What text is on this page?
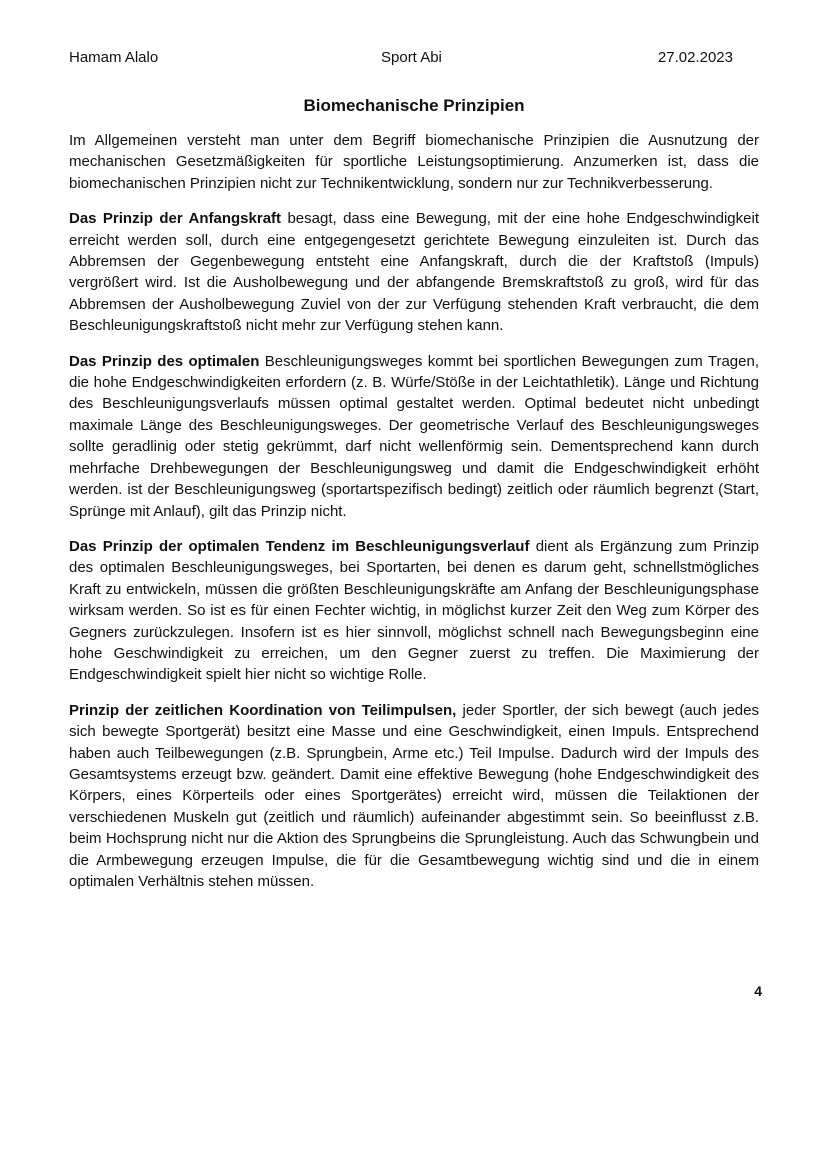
Hamam Alalo	Sport Abi	27.02.2023
Biomechanische Prinzipien

Im Allgemeinen versteht man unter dem Begriff biomechanische Prinzipien die Ausnutzung der mechanischen Gesetzmäßigkeiten für sportliche Leistungsoptimierung. Anzumerken ist, dass die biomechanischen Prinzipien nicht zur Technikentwicklung, sondern nur zur Technikverbesserung.

Das Prinzip der Anfangskraft besagt, dass eine Bewegung, mit der eine hohe Endgeschwindigkeit erreicht werden soll, durch eine entgegengesetzt gerichtete Bewegung einzuleiten ist. Durch das Abbremsen der Gegenbewegung entsteht eine Anfangskraft, durch die der Kraftstoß (Impuls) vergrößert wird. Ist die Ausholbewegung und der abfangende Bremskraftstoß zu groß, wird für das Abbremsen der Ausholbewegung Zuviel von der zur Verfügung stehenden Kraft verbraucht, die dem Beschleunigungskraftstoß nicht mehr zur Verfügung stehen kann.

Das Prinzip des optimalen Beschleunigungsweges kommt bei sportlichen Bewegungen zum Tragen, die hohe Endgeschwindigkeiten erfordern (z. B. Würfe/Stöße in der Leichtathletik). Länge und Richtung des Beschleunigungsverlaufs müssen optimal gestaltet werden. Optimal bedeutet nicht unbedingt maximale Länge des Beschleunigungsweges. Der geometrische Verlauf des Beschleunigungsweges sollte geradlinig oder stetig gekrümmt, darf nicht wellenförmig sein. Dementsprechend kann durch mehrfache Drehbewegungen der Beschleunigungsweg und damit die Endgeschwindigkeit erhöht werden. ist der Beschleunigungsweg (sportartspezifisch bedingt) zeitlich oder räumlich begrenzt (Start, Sprünge mit Anlauf), gilt das Prinzip nicht.

Das Prinzip der optimalen Tendenz im Beschleunigungsverlauf dient als Ergänzung zum Prinzip des optimalen Beschleunigungsweges, bei Sportarten, bei denen es darum geht, schnellstmögliches Kraft zu entwickeln, müssen die größten Beschleunigungskräfte am Anfang der Beschleunigungsphase wirksam werden. So ist es für einen Fechter wichtig, in möglichst kurzer Zeit den Weg zum Körper des Gegners zurückzulegen. Insofern ist es hier sinnvoll, möglichst schnell nach Bewegungsbeginn eine hohe Geschwindigkeit zu erreichen, um den Gegner zuerst zu treffen. Die Maximierung der Endgeschwindigkeit spielt hier nicht so wichtige Rolle.

Prinzip der zeitlichen Koordination von Teilimpulsen, jeder Sportler, der sich bewegt (auch jedes sich bewegte Sportgerät) besitzt eine Masse und eine Geschwindigkeit, einen Impuls. Entsprechend haben auch Teilbewegungen (z.B. Sprungbein, Arme etc.) Teil Impulse. Dadurch wird der Impuls des Gesamtsystems erzeugt bzw. geändert. Damit eine effektive Bewegung (hohe Endgeschwindigkeit des Körpers, eines Körperteils oder eines Sportgerätes) erreicht wird, müssen die Teilaktionen der verschiedenen Muskeln gut (zeitlich und räumlich) aufeinander abgestimmt sein. So beeinflusst z.B. beim Hochsprung nicht nur die Aktion des Sprungbeins die Sprungleistung. Auch das Schwungbein und die Armbewegung erzeugen Impulse, die für die Gesamtbewegung wichtig sind und die in einem optimalen Verhältnis stehen müssen.

4
